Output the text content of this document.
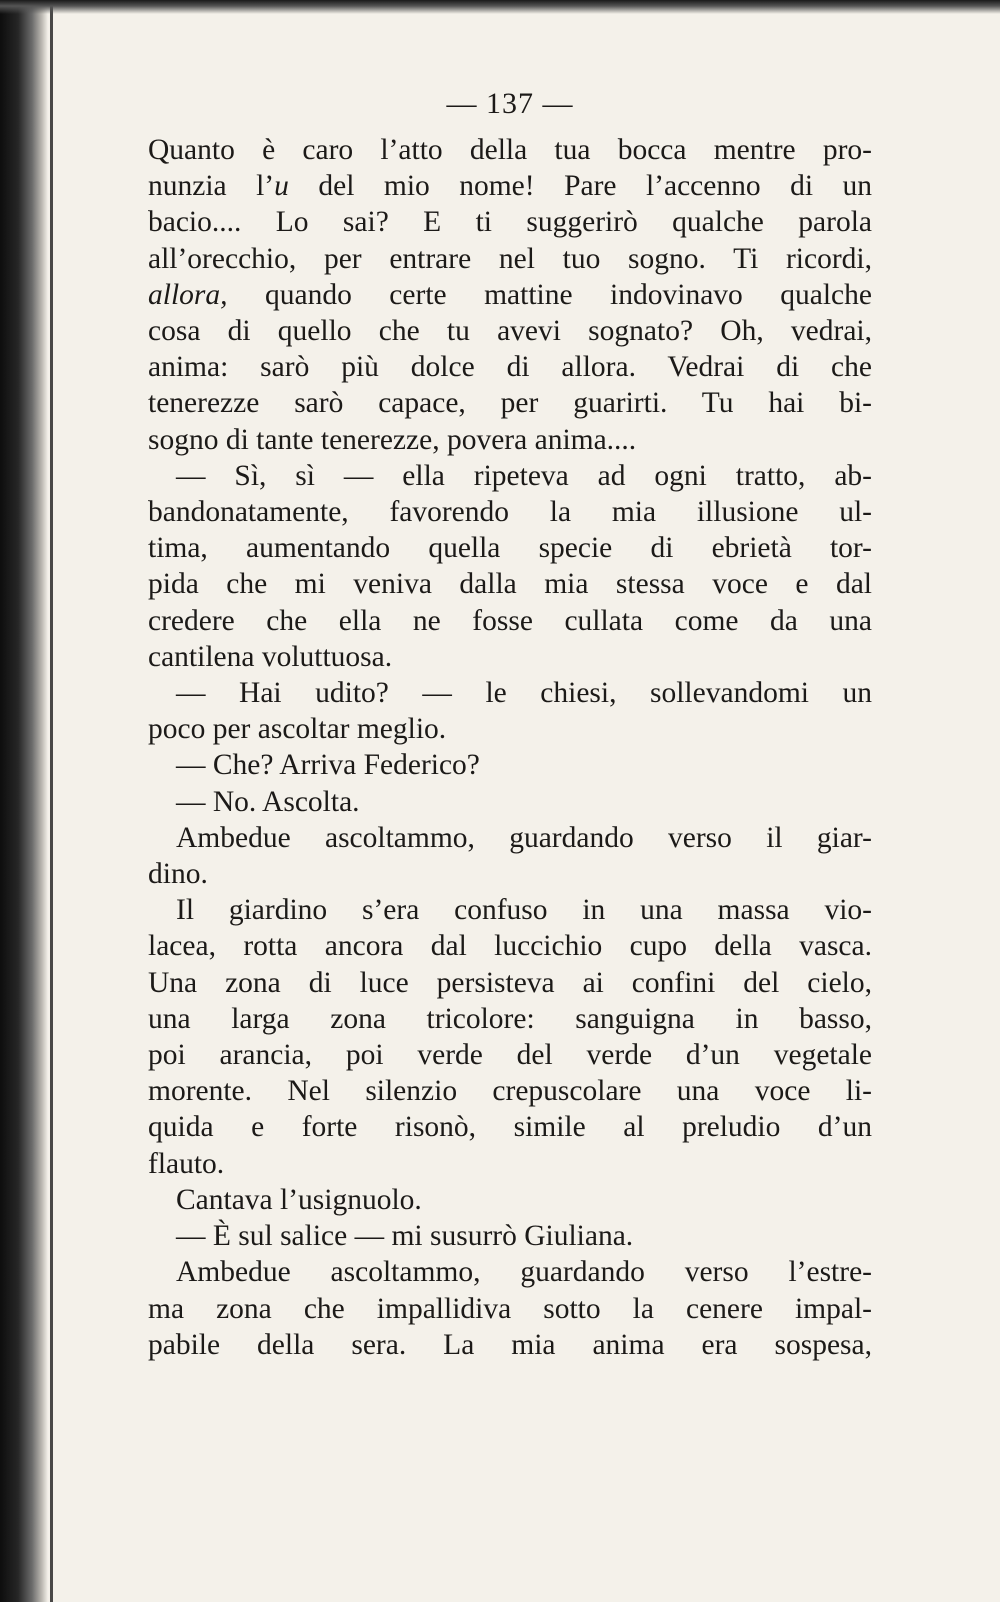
— 137 —

Quanto è caro l’atto della tua bocca mentre pro-
nunzia l’u del mio nome! Pare l’accenno di un
bacio.... Lo sai? E ti suggerirò qualche parola
all’orecchio, per entrare nel tuo sogno. Ti ricordi,
allora, quando certe mattine indovinavo qualche
cosa di quello che tu avevi sognato? Oh, vedrai,
anima: sarò più dolce di allora. Vedrai di che
tenerezze sarò capace, per guarirti. Tu hai bi-
sogno di tante tenerezze, povera anima....

— Sì, sì — ella ripeteva ad ogni tratto, ab-
bandonatamente, favorendo la mia illusione ul-
tima, aumentando quella specie di ebrietà tor-
pida che mi veniva dalla mia stessa voce e dal
credere che ella ne fosse cullata come da una
cantilena voluttuosa.

— Hai udito? — le chiesi, sollevandomi un
poco per ascoltar meglio.

— Che? Arriva Federico?

— No. Ascolta.

Ambedue ascoltammo, guardando verso il giar-
dino.

Il giardino s’era confuso in una massa vio-
lacea, rotta ancora dal luccichio cupo della vasca.
Una zona di luce persisteva ai confini del cielo,
una larga zona tricolore: sanguigna in basso,
poi arancia, poi verde del verde d’un vegetale
morente. Nel silenzio crepuscolare una voce li-
quida e forte risonò, simile al preludio d’un
flauto.

Cantava l’usignuolo.

— È sul salice — mi susurrò Giuliana.

Ambedue ascoltammo, guardando verso l’estre-
ma zona che impallidiva sotto la cenere impal-
pabile della sera. La mia anima era sospesa,
